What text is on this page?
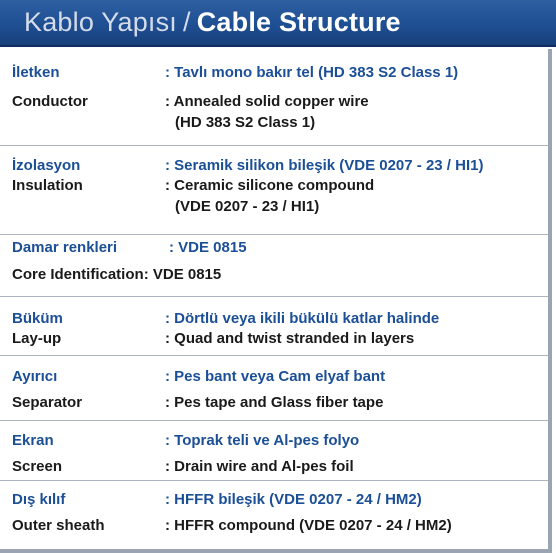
Kablo Yapısı / Cable Structure
İletken	: Tavlı mono bakır tel (HD 383 S2 Class 1)
Conductor	: Annealed solid copper wire
(HD 383 S2 Class 1)
İzolasyon	: Seramik silikon bileşik (VDE 0207 - 23 / HI1)
Insulation	: Ceramic silicone compound
(VDE 0207 - 23 / HI1)
Damar renkleri	: VDE 0815
Core Identification: VDE 0815
Büküm	: Dörtlü veya ikili bükülü katlar halinde
Lay-up	: Quad and twist stranded in layers
Ayırıcı	: Pes bant veya Cam elyaf bant
Separator	: Pes tape and Glass fiber tape
Ekran	: Toprak teli ve Al-pes folyo
Screen	: Drain wire and Al-pes foil
Dış kılıf	: HFFR bileşik (VDE 0207 - 24 / HM2)
Outer sheath	: HFFR compound (VDE 0207 - 24 / HM2)
